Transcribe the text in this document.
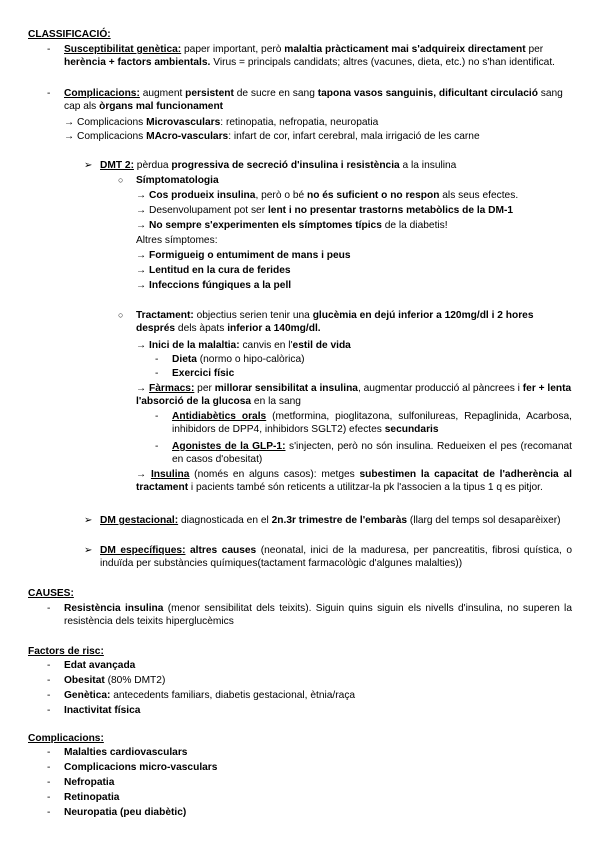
CLASSIFICACIÓ:
-	Susceptibilitat genètica: paper important, però malaltia pràcticament mai s'adquireix directament per herència + factors ambientals. Virus = principals candidats; altres (vacunes, dieta, etc.) no s'han identificat.
-	Complicacions: augment persistent de sucre en sang tapona vasos sanguinis, dificultant circulació sang cap als òrgans mal funcionament
→ Complicacions Microvasculars: retinopatia, nefropatia, neuropatia
→ Complicacions MAcro-vasculars: infart de cor, infart cerebral, mala irrigació de les carne
➢ DMT 2: pèrdua progressiva de secreció d'insulina i resistència a la insulina
○ Símptomatologia
→ Cos produeix insulina, però o bé no és suficient o no respon als seus efectes.
→ Desenvolupament pot ser lent i no presentar trastorns metabòlics de la DM-1
→ No sempre s'experimenten els símptomes típics de la diabetis!
Altres símptomes:
→ Formigueig o entumiment de mans i peus
→ Lentitud en la cura de ferides
→ Infeccions fúngiques a la pell
○ Tractament: objectius serien tenir una glucèmia en dejú inferior a 120mg/dl i 2 hores després dels àpats inferior a 140mg/dl.
→ Inici de la malaltia: canvis en l'estil de vida
-	Dieta (normo o hipo-calòrica)
-	Exercici físic
→ Fàrmacs: per millorar sensibilitat a insulina, augmentar producció al pàncrees i fer + lenta l'absorció de la glucosa en la sang
-	Antidiabètics orals (metformina, pioglitazona, sulfonilureas, Repaglinida, Acarbosa, inhibidors de DPP4, inhibidors SGLT2) efectes secundaris
-	Agonistes de la GLP-1: s'injecten, però no són insulina. Redueixen el pes (recomanat en casos d'obesitat)
→ Insulina (només en alguns casos): metges subestimen la capacitat de l'adherència al tractament i pacients també són reticents a utilitzar-la pk l'associen a la tipus 1 q es pitjor.
➢ DM gestacional: diagnosticada en el 2n.3r trimestre de l'embaràs (llarg del temps sol desaparèixer)
➢ DM específiques: altres causes (neonatal, inici de la maduresa, per pancreatitis, fibrosi quística, o induïda per substàncies químiques(tactament farmacològic d'algunes malalties))
CAUSES:
-	Resistència insulina (menor sensibilitat dels teixits). Siguin quins siguin els nivells d'insulina, no superen la resistència dels teixits hiperglucèmics
Factors de risc:
-	Edat avançada
-	Obesitat (80% DMT2)
-	Genètica: antecedents familiars, diabetis gestacional, ètnia/raça
-	Inactivitat física
Complicacions:
-	Malalties cardiovasculars
-	Complicacions micro-vasculars
-	Nefropatia
-	Retinopatia
-	Neuropatia (peu diabètic)
